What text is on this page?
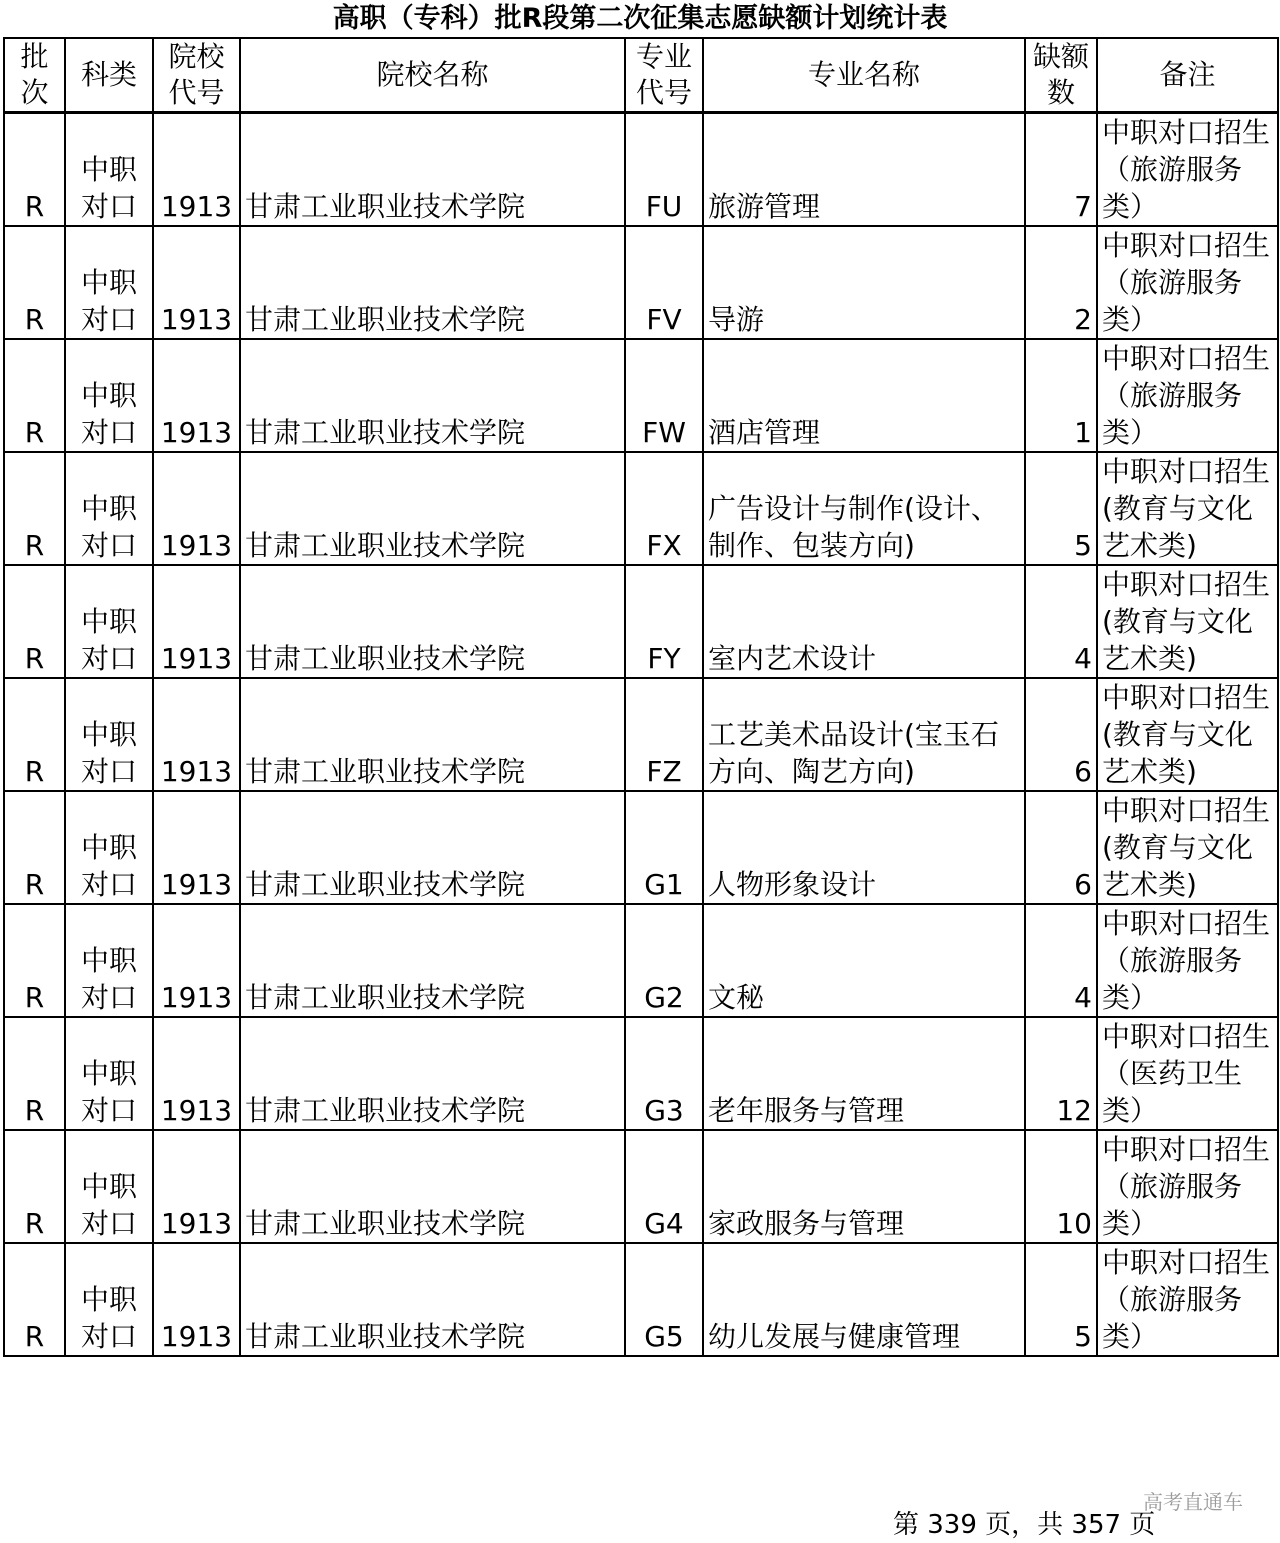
高职（专科）批R段第二次征集志愿缺额计划统计表
批次	科类	院校代号	院校名称	专业代号	专业名称	缺额数	备注
R	中职对口	1913	甘肃工业职业技术学院	FU	旅游管理	7	中职对口招生（旅游服务类）
R	中职对口	1913	甘肃工业职业技术学院	FV	导游	2	中职对口招生（旅游服务类）
R	中职对口	1913	甘肃工业职业技术学院	FW	酒店管理	1	中职对口招生（旅游服务类）
R	中职对口	1913	甘肃工业职业技术学院	FX	广告设计与制作(设计、制作、包装方向)	5	中职对口招生(教育与文化艺术类)
R	中职对口	1913	甘肃工业职业技术学院	FY	室内艺术设计	4	中职对口招生(教育与文化艺术类)
R	中职对口	1913	甘肃工业职业技术学院	FZ	工艺美术品设计(宝玉石方向、陶艺方向)	6	中职对口招生(教育与文化艺术类)
R	中职对口	1913	甘肃工业职业技术学院	G1	人物形象设计	6	中职对口招生(教育与文化艺术类)
R	中职对口	1913	甘肃工业职业技术学院	G2	文秘	4	中职对口招生（旅游服务类）
R	中职对口	1913	甘肃工业职业技术学院	G3	老年服务与管理	12	中职对口招生（医药卫生类）
R	中职对口	1913	甘肃工业职业技术学院	G4	家政服务与管理	10	中职对口招生（旅游服务类）
R	中职对口	1913	甘肃工业职业技术学院	G5	幼儿发展与健康管理	5	中职对口招生（旅游服务类）
高考直通车
第 339 页，共 357 页
